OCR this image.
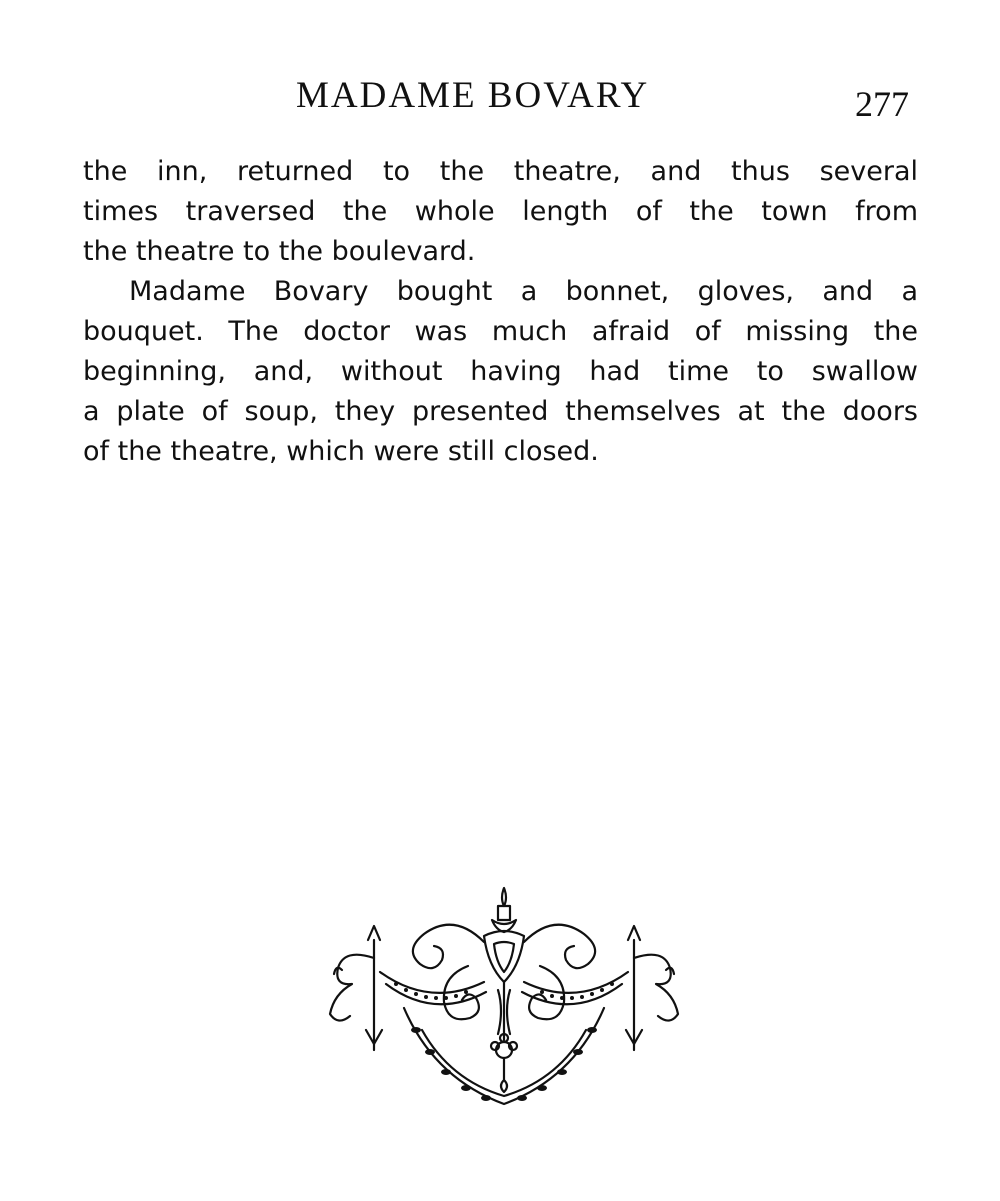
MADAME BOVARY	277
the inn, returned to the theatre, and thus several
times traversed the whole length of the town from
the theatre to the boulevard.
Madame Bovary bought a bonnet, gloves, and a
bouquet. The doctor was much afraid of missing the
beginning, and, without having had time to swallow
a plate of soup, they presented themselves at the doors
of the theatre, which were still closed.
